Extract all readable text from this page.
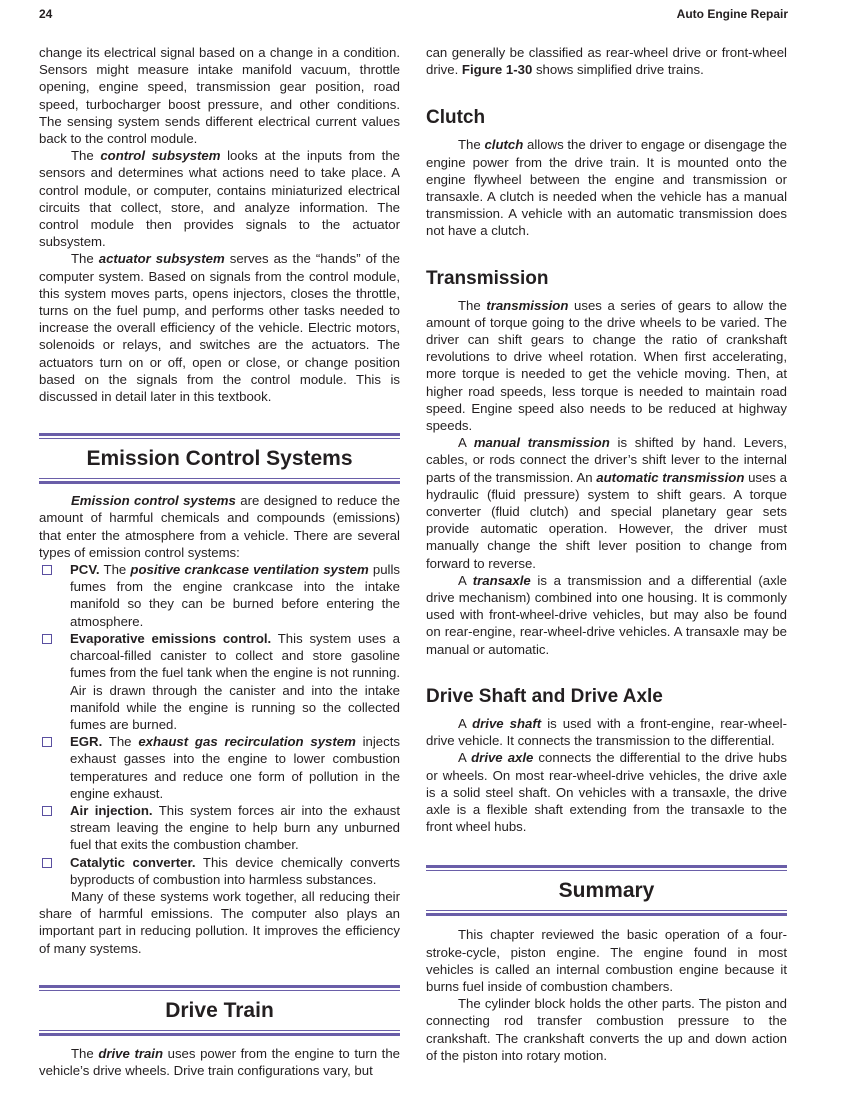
24	Auto Engine Repair

change its electrical signal based on a change in a condition. Sensors might measure intake manifold vacuum, throttle opening, engine speed, transmission gear position, road speed, turbocharger boost pressure, and other conditions. The sensing system sends different electrical current values back to the control module.

The control subsystem looks at the inputs from the sensors and determines what actions need to take place. A control module, or computer, contains miniaturized electrical circuits that collect, store, and analyze information. The control module then provides signals to the actuator subsystem.

The actuator subsystem serves as the “hands” of the computer system. Based on signals from the control module, this system moves parts, opens injectors, closes the throttle, turns on the fuel pump, and performs other tasks needed to increase the overall efficiency of the vehicle. Electric motors, solenoids or relays, and switches are the actuators. The actuators turn on or off, open or close, or change position based on the signals from the control module. This is discussed in detail later in this textbook.

Emission Control Systems

Emission control systems are designed to reduce the amount of harmful chemicals and compounds (emissions) that enter the atmosphere from a vehicle. There are several types of emission control systems:

PCV. The positive crankcase ventilation system pulls fumes from the engine crankcase into the intake manifold so they can be burned before entering the atmosphere.
Evaporative emissions control. This system uses a charcoal-filled canister to collect and store gasoline fumes from the fuel tank when the engine is not running. Air is drawn through the canister and into the intake manifold while the engine is running so the collected fumes are burned.
EGR. The exhaust gas recirculation system injects exhaust gasses into the engine to lower combustion temperatures and reduce one form of pollution in the engine exhaust.
Air injection. This system forces air into the exhaust stream leaving the engine to help burn any unburned fuel that exits the combustion chamber.
Catalytic converter. This device chemically converts byproducts of combustion into harmless substances.

Many of these systems work together, all reducing their share of harmful emissions. The computer also plays an important part in reducing pollution. It improves the efficiency of many systems.

Drive Train

The drive train uses power from the engine to turn the vehicle’s drive wheels. Drive train configurations vary, but

can generally be classified as rear-wheel drive or front-wheel drive. Figure 1-30 shows simplified drive trains.

Clutch

The clutch allows the driver to engage or disengage the engine power from the drive train. It is mounted onto the engine flywheel between the engine and transmission or transaxle. A clutch is needed when the vehicle has a manual transmission. A vehicle with an automatic transmission does not have a clutch.

Transmission

The transmission uses a series of gears to allow the amount of torque going to the drive wheels to be varied. The driver can shift gears to change the ratio of crankshaft revolutions to drive wheel rotation. When first accelerating, more torque is needed to get the vehicle moving. Then, at higher road speeds, less torque is needed to maintain road speed. Engine speed also needs to be reduced at highway speeds.

A manual transmission is shifted by hand. Levers, cables, or rods connect the driver’s shift lever to the internal parts of the transmission. An automatic transmission uses a hydraulic (fluid pressure) system to shift gears. A torque converter (fluid clutch) and special planetary gear sets provide automatic operation. However, the driver must manually change the shift lever position to change from forward to reverse.

A transaxle is a transmission and a differential (axle drive mechanism) combined into one housing. It is commonly used with front-wheel-drive vehicles, but may also be found on rear-engine, rear-wheel-drive vehicles. A transaxle may be manual or automatic.

Drive Shaft and Drive Axle

A drive shaft is used with a front-engine, rear-wheel-drive vehicle. It connects the transmission to the differential.

A drive axle connects the differential to the drive hubs or wheels. On most rear-wheel-drive vehicles, the drive axle is a solid steel shaft. On vehicles with a transaxle, the drive axle is a flexible shaft extending from the transaxle to the front wheel hubs.

Summary

This chapter reviewed the basic operation of a four-stroke-cycle, piston engine. The engine found in most vehicles is called an internal combustion engine because it burns fuel inside of combustion chambers.

The cylinder block holds the other parts. The piston and connecting rod transfer combustion pressure to the crankshaft. The crankshaft converts the up and down action of the piston into rotary motion.
